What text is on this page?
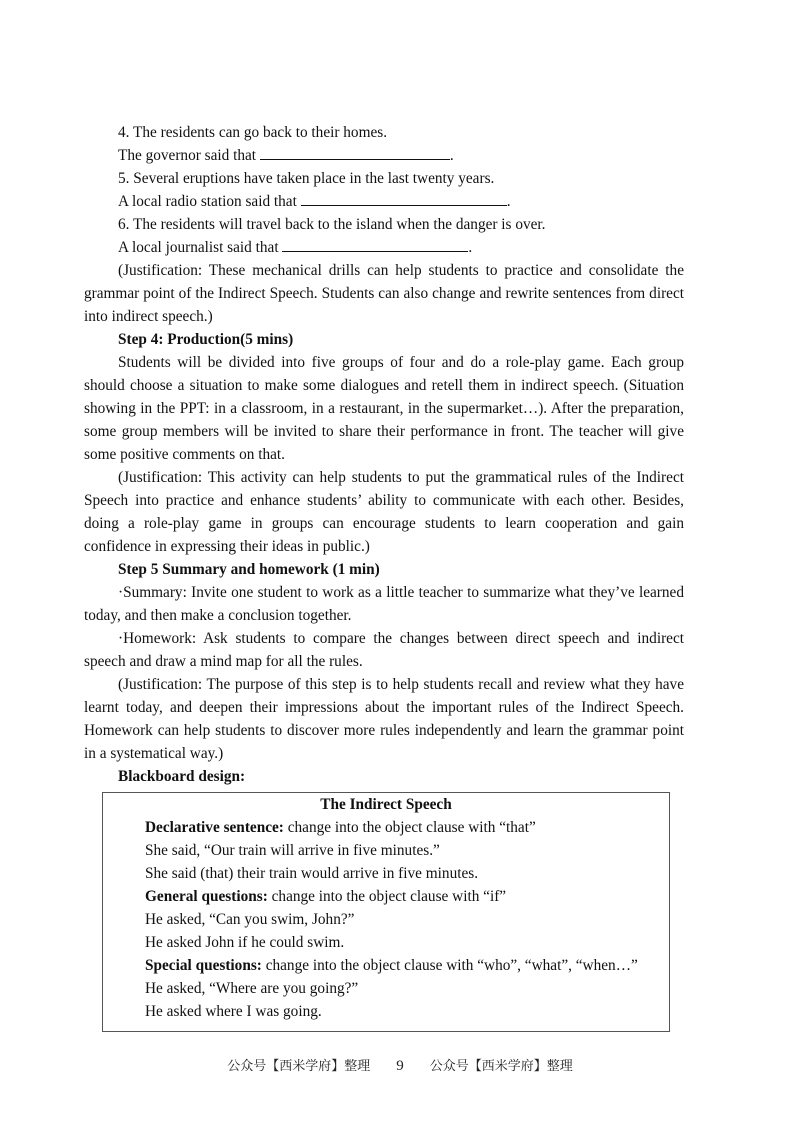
4. The residents can go back to their homes.

The governor said that	.

5. Several eruptions have taken place in the last twenty years.

A local radio station said that	.

6. The residents will travel back to the island when the danger is over.

A local journalist said that	.

(Justification: These mechanical drills can help students to practice and consolidate the grammar point of the Indirect Speech. Students can also change and rewrite sentences from direct into indirect speech.)

Step 4: Production(5 mins)

Students will be divided into five groups of four and do a role-play game. Each group should choose a situation to make some dialogues and retell them in indirect speech. (Situation showing in the PPT: in a classroom, in a restaurant, in the supermarket…). After the preparation, some group members will be invited to share their performance in front. The teacher will give some positive comments on that.

(Justification: This activity can help students to put the grammatical rules of the Indirect Speech into practice and enhance students’ ability to communicate with each other. Besides, doing a role-play game in groups can encourage students to learn cooperation and gain confidence in expressing their ideas in public.)

Step 5 Summary and homework (1 min)

·Summary: Invite one student to work as a little teacher to summarize what they’ve learned today, and then make a conclusion together.

·Homework: Ask students to compare the changes between direct speech and indirect speech and draw a mind map for all the rules.

(Justification: The purpose of this step is to help students recall and review what they have learnt today, and deepen their impressions about the important rules of the Indirect Speech. Homework can help students to discover more rules independently and learn the grammar point in a systematical way.)

Blackboard design:

The Indirect Speech
Declarative sentence: change into the object clause with “that”
She said, “Our train will arrive in five minutes.”
She said (that) their train would arrive in five minutes.
General questions: change into the object clause with “if”
He asked, “Can you swim, John?”
He asked John if he could swim.
Special questions: change into the object clause with “who”, “what”, “when…”
He asked, “Where are you going?”
He asked where I was going.
公众号【西米学府】整理 9 公众号【西米学府】整理
